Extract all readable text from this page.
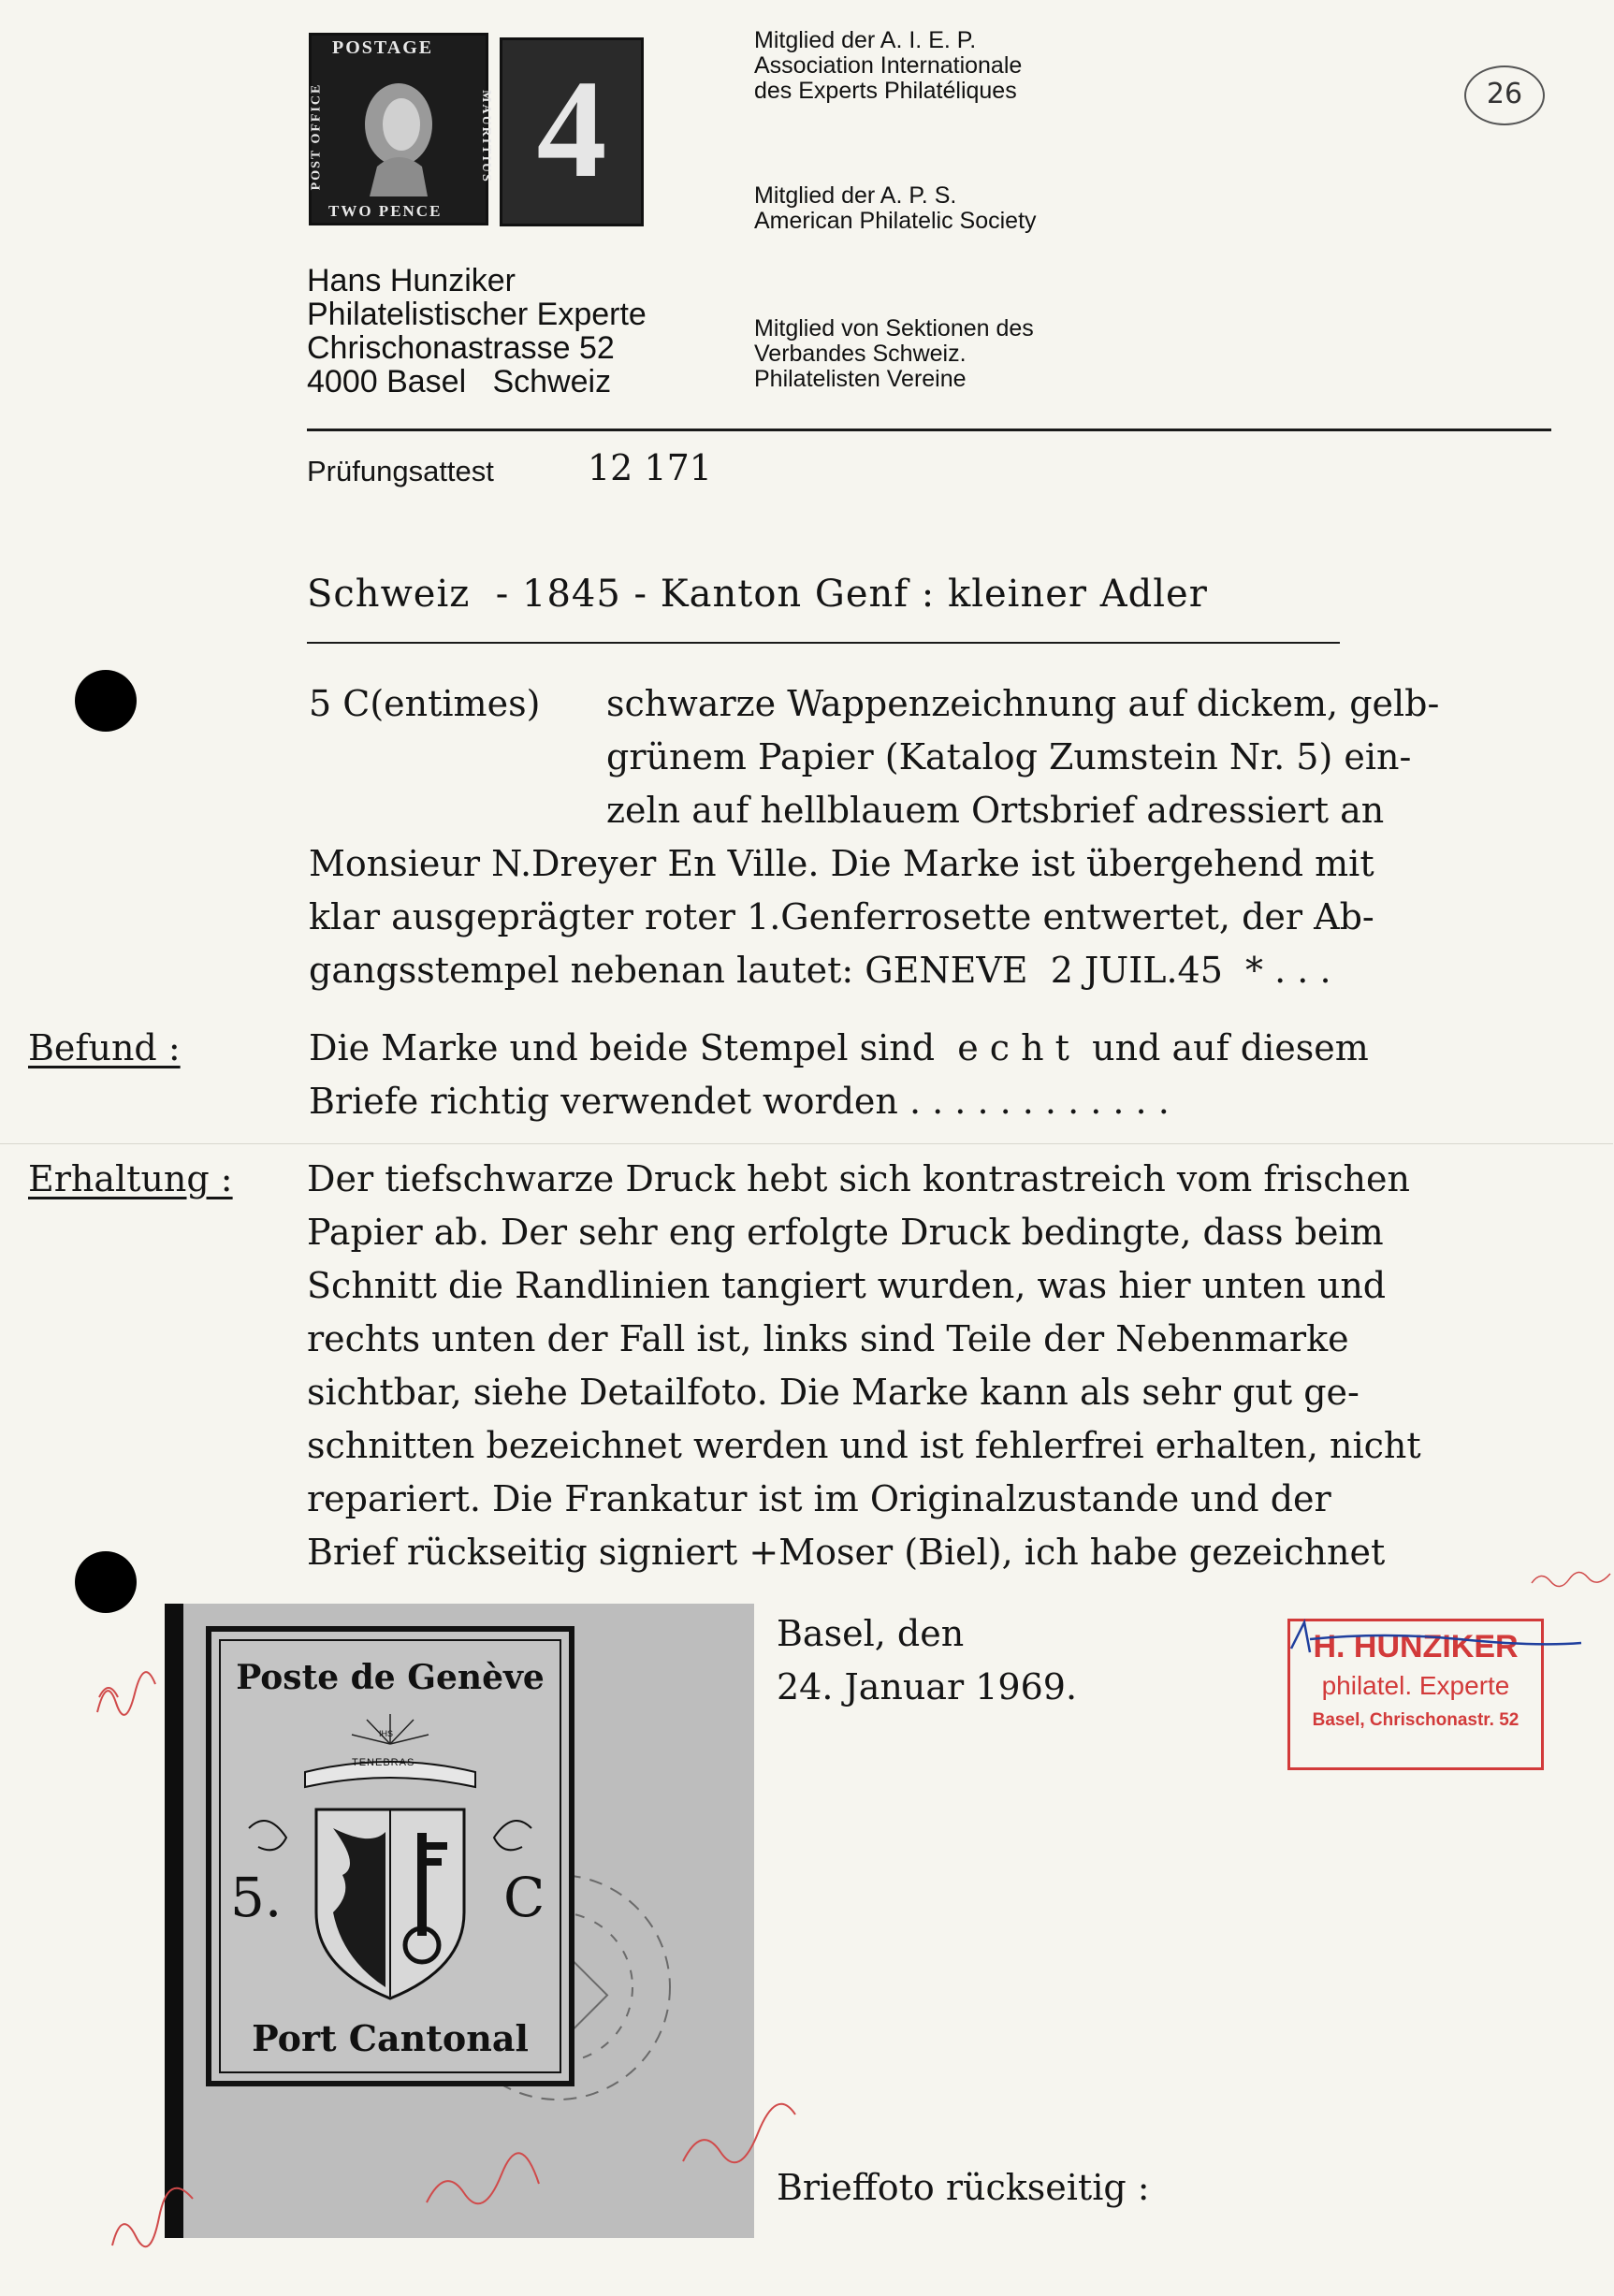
POSTAGE
TWO PENCE
POST OFFICE	MAURITIUS 4
Mitglied der A. I. E. P.
Association Internationale
des Experts Philatéliques
Mitglied der A. P. S.
American Philatelic Society
Mitglied von Sektionen des
Verbandes Schweiz.
Philatelisten Vereine
26
Hans Hunziker
Philatelistischer Experte
Chrischonastrasse 52
4000 Basel   Schweiz
Prüfungsattest	12 171
Schweiz  - 1845 - Kanton Genf : kleiner Adler
5 C(entimes) schwarze Wappenzeichnung auf dickem, gelb-
grünem Papier (Katalog Zumstein Nr. 5) ein-
zeln auf hellblauem Ortsbrief adressiert an
Monsieur N.Dreyer En Ville. Die Marke ist übergehend mit
klar ausgeprägter roter 1.Genferrosette entwertet, der Ab-
gangsstempel nebenan lautet: GENEVE  2 JUIL.45  * . . .
Befund :	Die Marke und beide Stempel sind  e c h t  und auf diesem
Briefe richtig verwendet worden . . . . . . . . . . . .
Erhaltung : Der tiefschwarze Druck hebt sich kontrastreich vom frischen
Papier ab. Der sehr eng erfolgte Druck bedingte, dass beim
Schnitt die Randlinien tangiert wurden, was hier unten und
rechts unten der Fall ist, links sind Teile der Nebenmarke
sichtbar, siehe Detailfoto. Die Marke kann als sehr gut ge-
schnitten bezeichnet werden und ist fehlerfrei erhalten, nicht
repariert. Die Frankatur ist im Originalzustande und der
Brief rückseitig signiert +Moser (Biel), ich habe gezeichnet
Basel, den
24. Januar 1969.
H. HUNZIKER
philatel. Experte
Basel, Chrischonastr. 52
Poste de Genève
IHS
TENEBRAS
5.	C
Port Cantonal
Brieffoto rückseitig :
